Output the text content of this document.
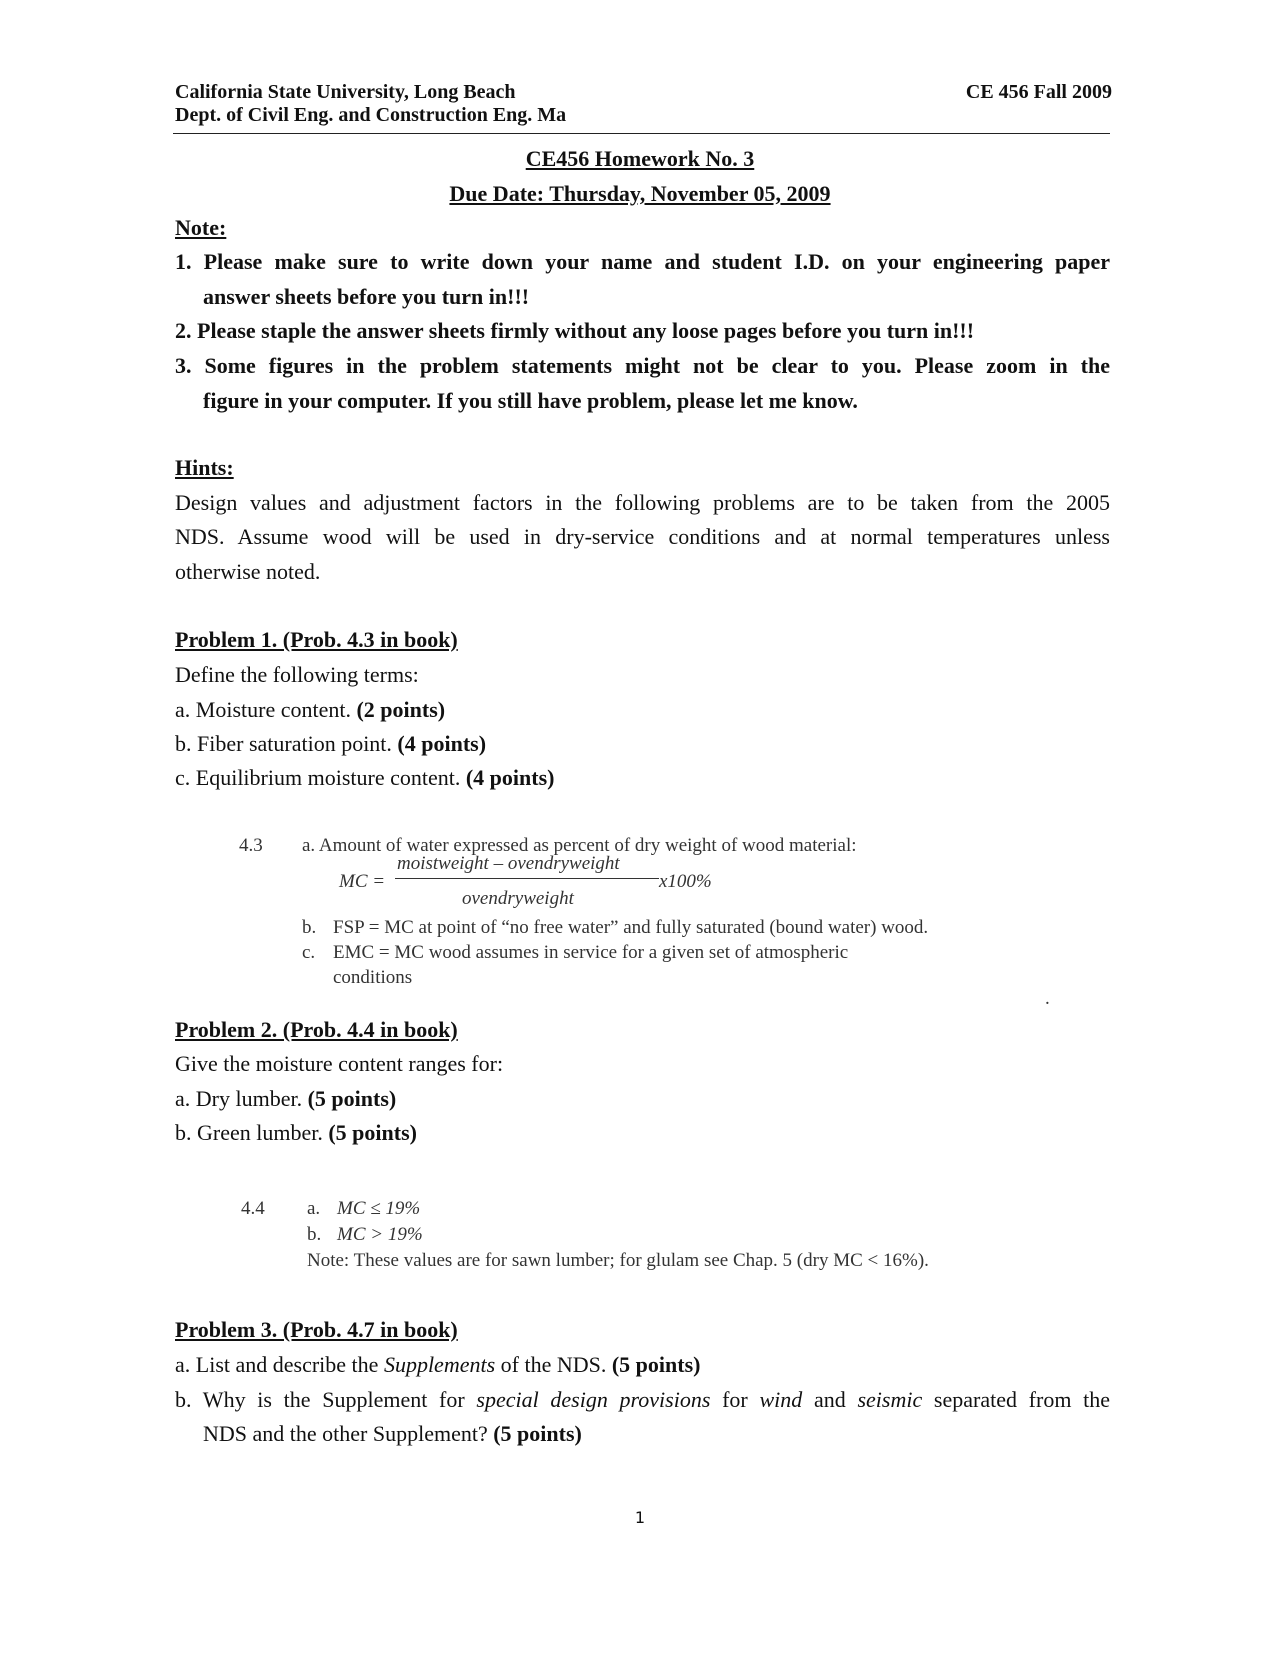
California State University, Long Beach
Dept. of Civil Eng. and Construction Eng. Ma
CE 456 Fall 2009
CE456 Homework No. 3
Due Date: Thursday, November 05, 2009
Note:
1. Please make sure to write down your name and student I.D. on your engineering paper
answer sheets before you turn in!!!
2. Please staple the answer sheets firmly without any loose pages before you turn in!!!
3. Some figures in the problem statements might not be clear to you. Please zoom in the
figure in your computer. If you still have problem, please let me know.
Hints:
Design values and adjustment factors in the following problems are to be taken from the 2005
NDS. Assume wood will be used in dry-service conditions and at normal temperatures unless
otherwise noted.
Problem 1. (Prob. 4.3 in book)
Define the following terms:
a. Moisture content. (2 points)
b. Fiber saturation point. (4 points)
c. Equilibrium moisture content. (4 points)
4.3 a. Amount of water expressed as percent of dry weight of wood material:
MC =
moistweight – ovendryweight
ovendryweight
x100%
b. FSP = MC at point of “no free water” and fully saturated (bound water) wood.
c. EMC = MC wood assumes in service for a given set of atmospheric
conditions
.
Problem 2. (Prob. 4.4 in book)
Give the moisture content ranges for:
a. Dry lumber. (5 points)
b. Green lumber. (5 points)
4.4 a. MC ≤ 19%
b. MC > 19%
Note: These values are for sawn lumber; for glulam see Chap. 5 (dry MC < 16%).
Problem 3. (Prob. 4.7 in book)
a. List and describe the Supplements of the NDS. (5 points)
b. Why is the Supplement for special design provisions for wind and seismic separated from the
NDS and the other Supplement? (5 points)
1
